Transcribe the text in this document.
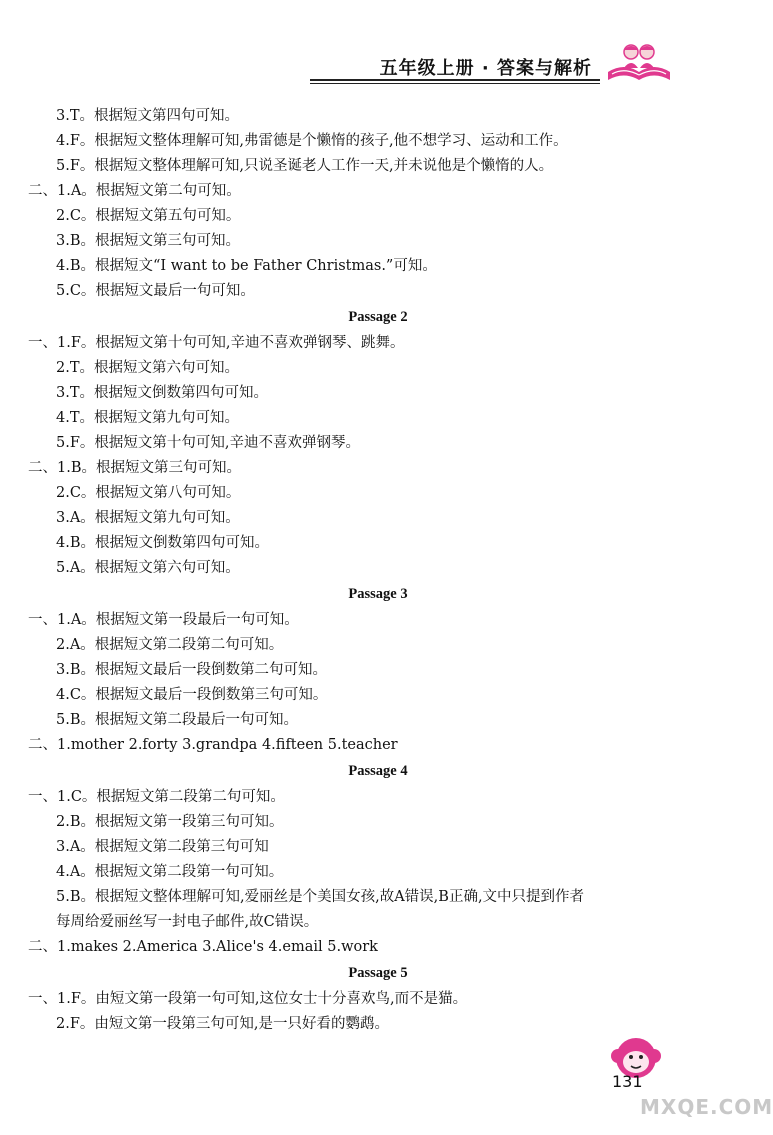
五年级上册 · 答案与解析
3.T。根据短文第四句可知。
4.F。根据短文整体理解可知,弗雷德是个懒惰的孩子,他不想学习、运动和工作。
5.F。根据短文整体理解可知,只说圣诞老人工作一天,并未说他是个懒惰的人。
二、1.A。根据短文第二句可知。
2.C。根据短文第五句可知。
3.B。根据短文第三句可知。
4.B。根据短文“I want to be Father Christmas.”可知。
5.C。根据短文最后一句可知。
Passage 2
一、1.F。根据短文第十句可知,辛迪不喜欢弹钢琴、跳舞。
2.T。根据短文第六句可知。
3.T。根据短文倒数第四句可知。
4.T。根据短文第九句可知。
5.F。根据短文第十句可知,辛迪不喜欢弹钢琴。
二、1.B。根据短文第三句可知。
2.C。根据短文第八句可知。
3.A。根据短文第九句可知。
4.B。根据短文倒数第四句可知。
5.A。根据短文第六句可知。
Passage 3
一、1.A。根据短文第一段最后一句可知。
2.A。根据短文第二段第二句可知。
3.B。根据短文最后一段倒数第二句可知。
4.C。根据短文最后一段倒数第三句可知。
5.B。根据短文第二段最后一句可知。
二、1.mother 2.forty 3.grandpa 4.fifteen 5.teacher
Passage 4
一、1.C。根据短文第二段第二句可知。
2.B。根据短文第一段第三句可知。
3.A。根据短文第二段第三句可知
4.A。根据短文第二段第一句可知。
5.B。根据短文整体理解可知,爱丽丝是个美国女孩,故A错误,B正确,文中只提到作者
每周给爱丽丝写一封电子邮件,故C错误。
二、1.makes 2.America 3.Alice's 4.email 5.work
Passage 5
一、1.F。由短文第一段第一句可知,这位女士十分喜欢鸟,而不是猫。
2.F。由短文第一段第三句可知,是一只好看的鹦鹉。
131
MXQE.COM
